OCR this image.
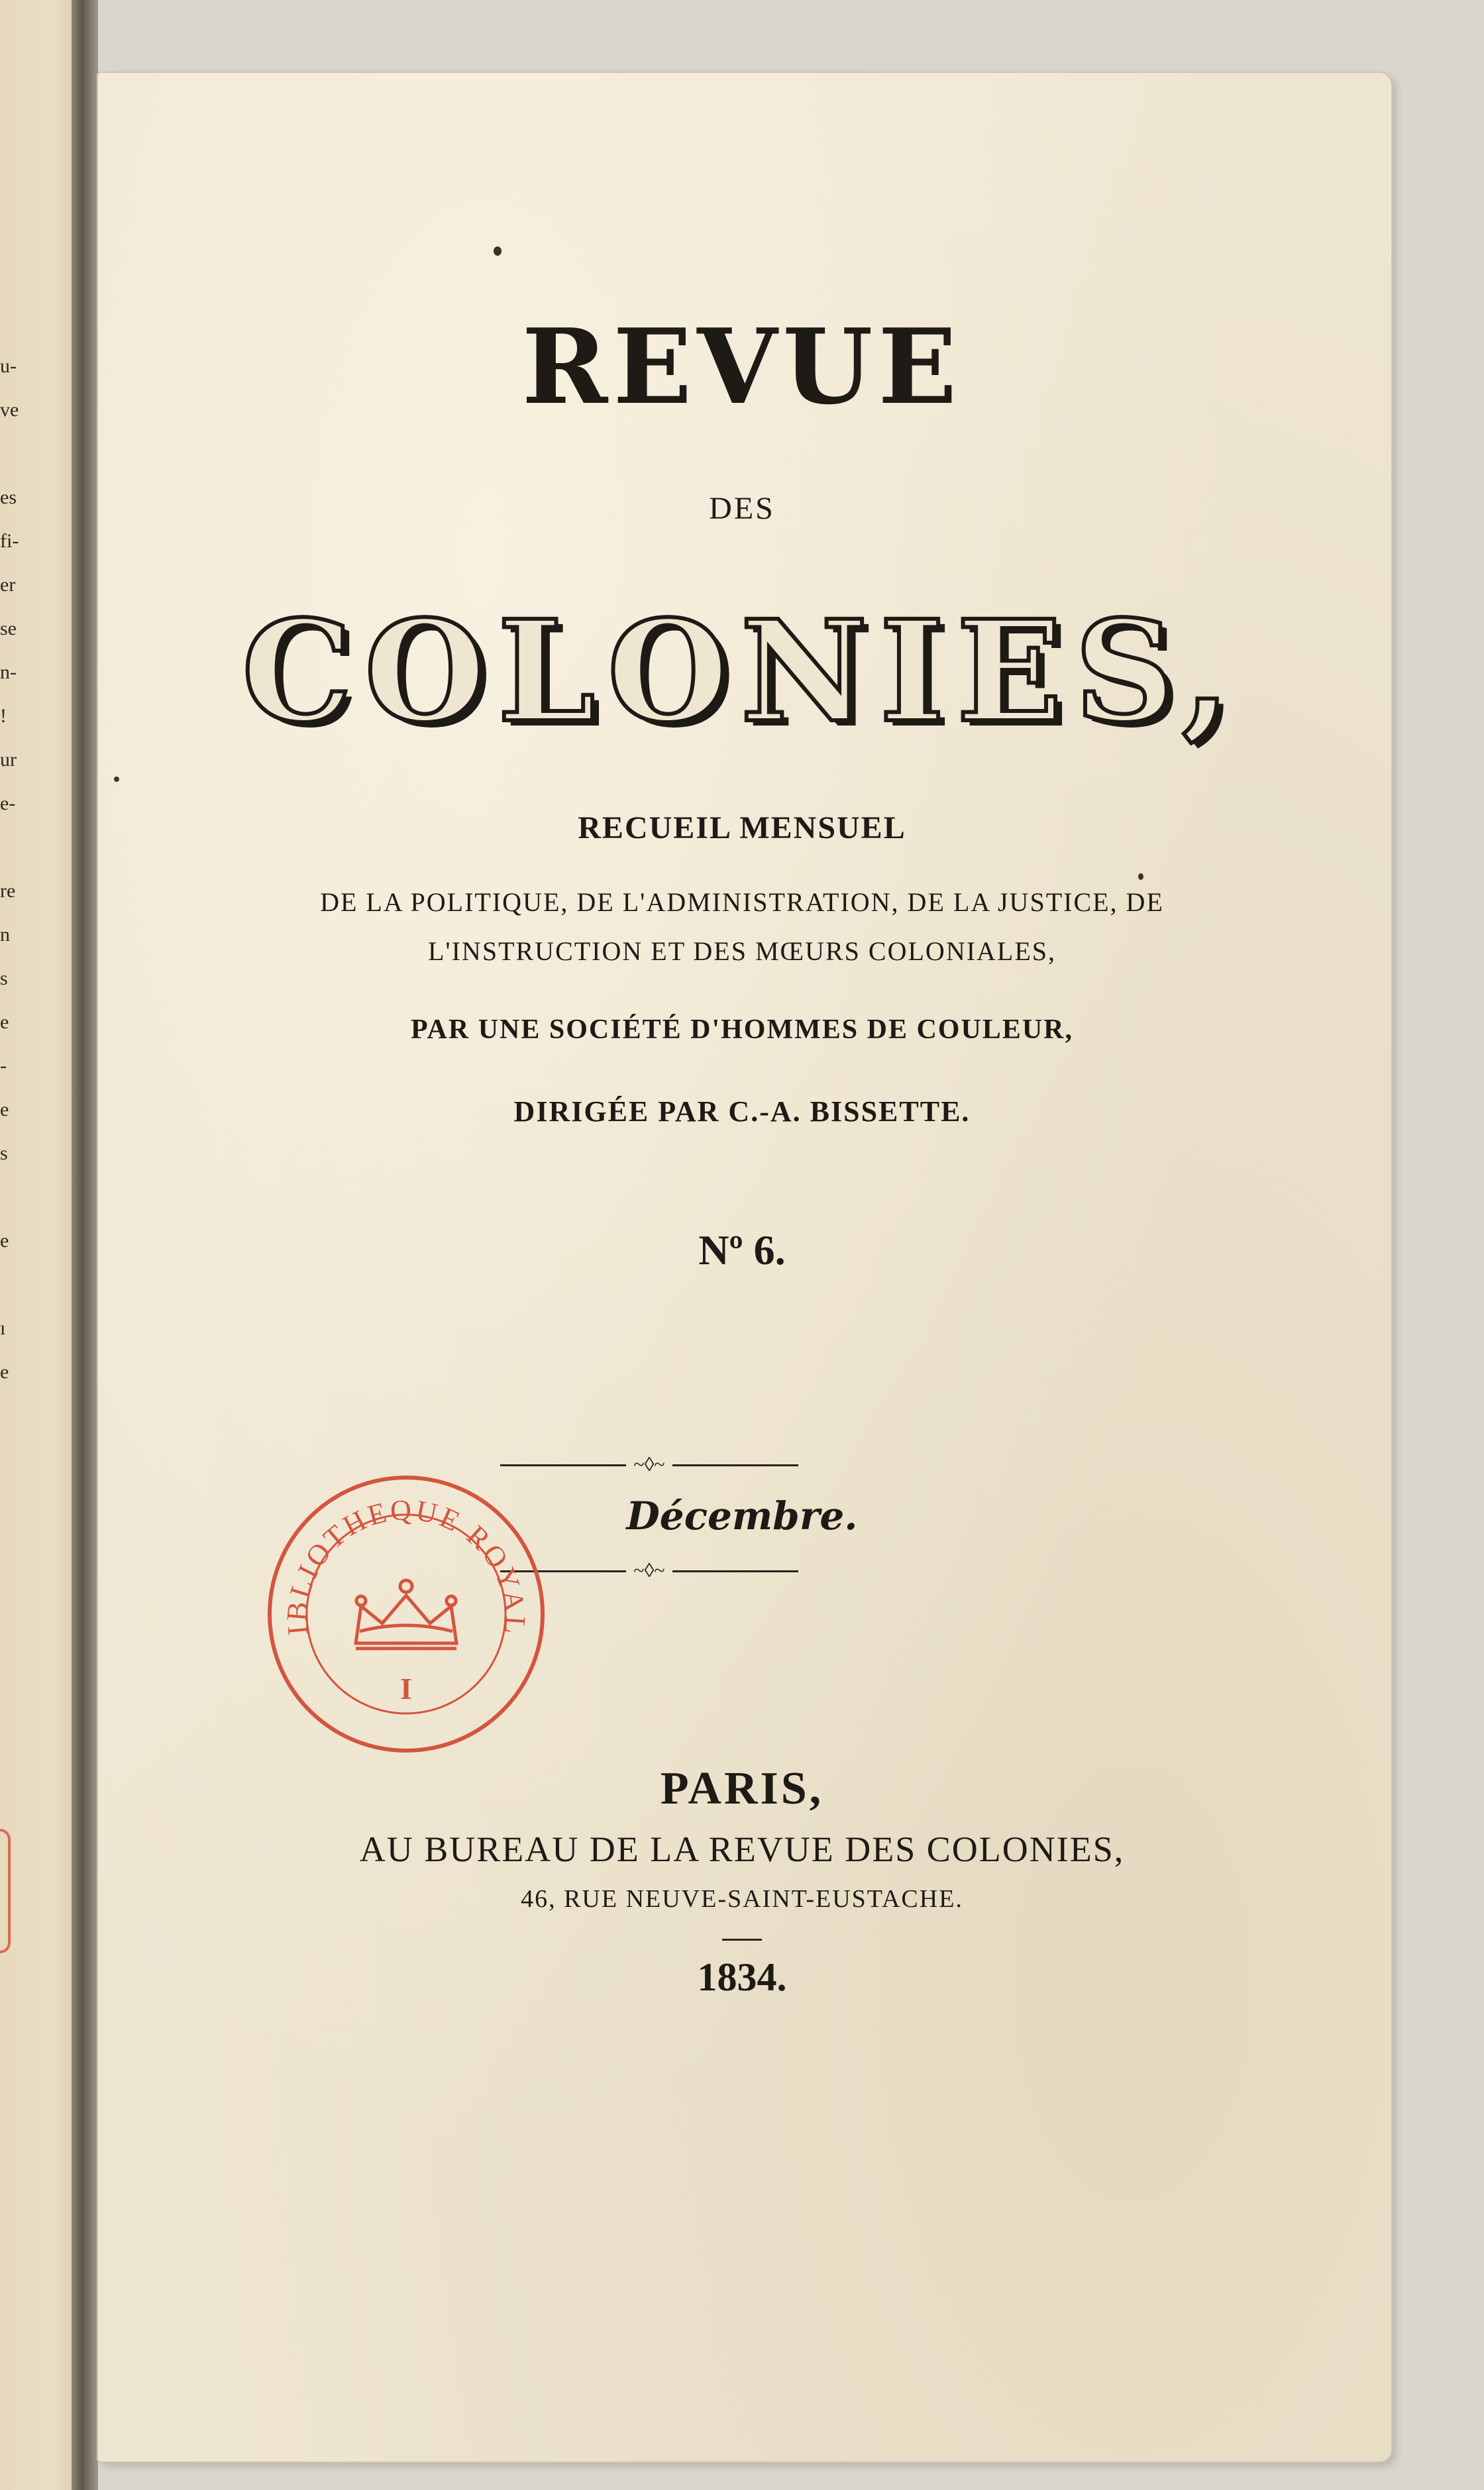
u-
ve
es
fi-
er
se
n-
!
ur
e-
re
n
s
e
-
e
s
e
ı
e
REVUE
DES
COLONIES,
RECUEIL MENSUEL
DE LA POLITIQUE, DE L'ADMINISTRATION, DE LA JUSTICE, DE
L'INSTRUCTION ET DES MŒURS COLONIALES,
PAR UNE SOCIÉTÉ D'HOMMES DE COULEUR,
DIRIGÉE PAR C.-A. BISSETTE.
Nº 6.
~◊~
Décembre.
~◊~
IBLIOTHEQUE ROYAL
I
PARIS,
AU BUREAU DE LA REVUE DES COLONIES,
46, RUE NEUVE-SAINT-EUSTACHE.
1834.
